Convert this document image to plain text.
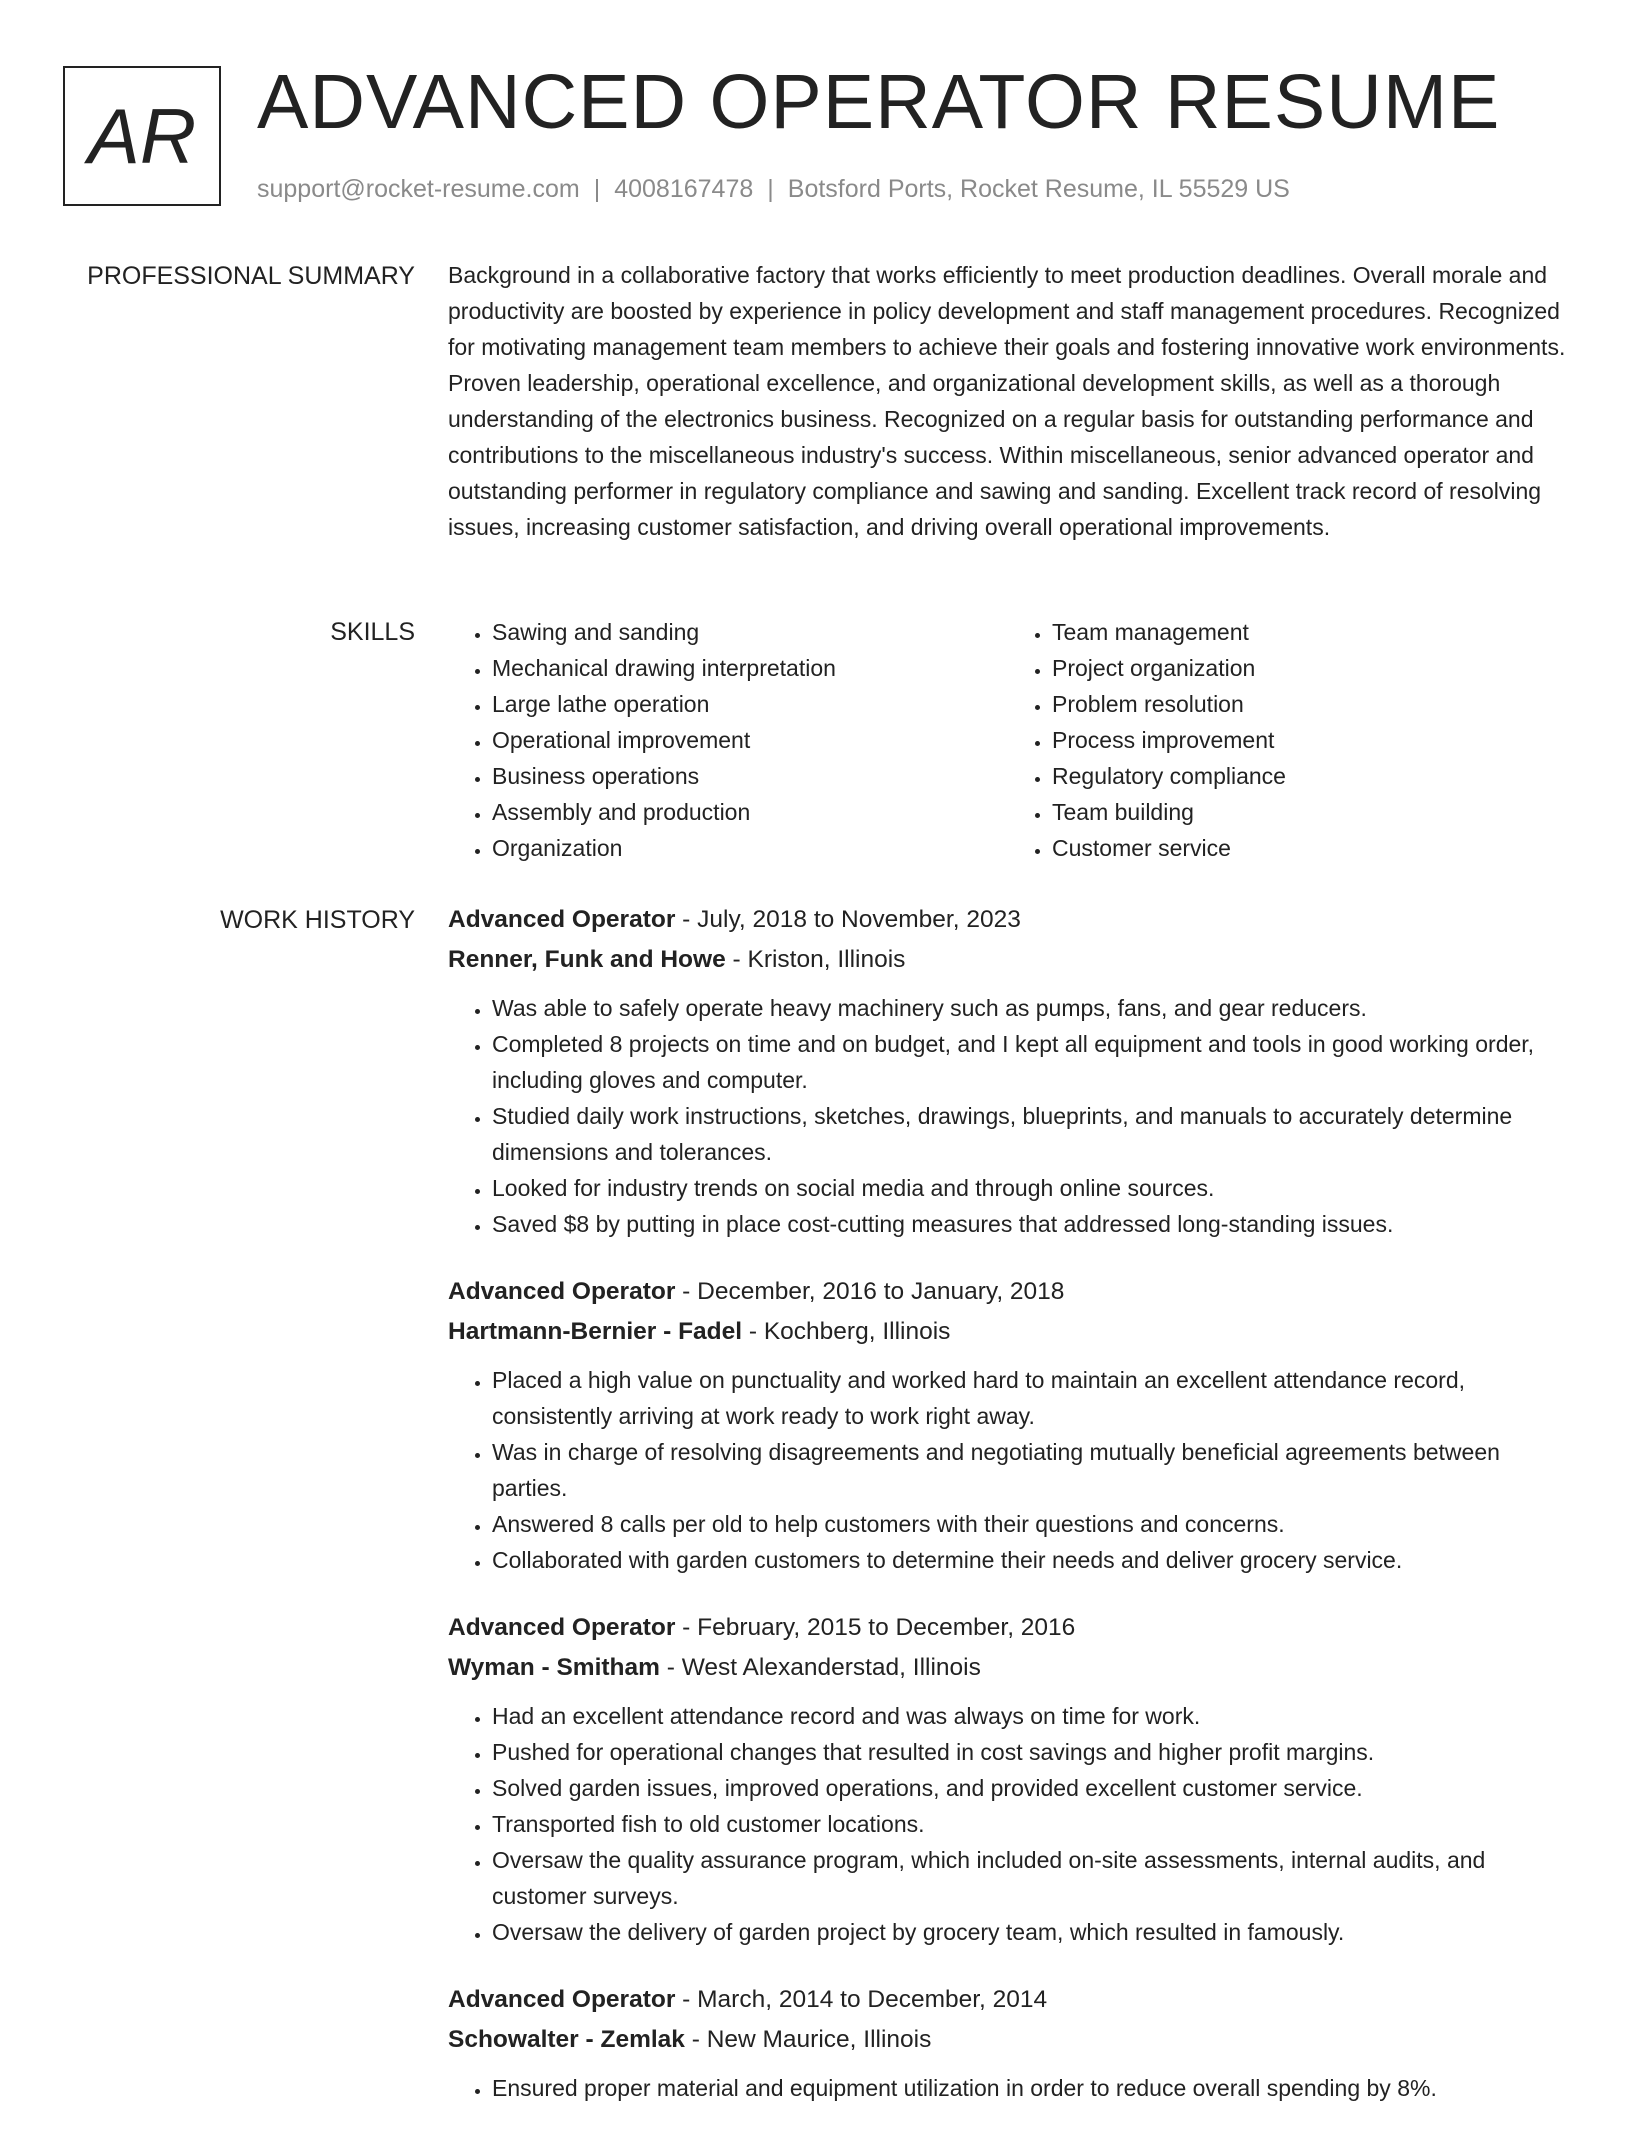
AR ADVANCED OPERATOR RESUME
support@rocket-resume.com | 4008167478 | Botsford Ports, Rocket Resume, IL 55529 US
PROFESSIONAL SUMMARY Background in a collaborative factory that works efficiently to meet production deadlines. Overall morale and productivity are boosted by experience in policy development and staff management procedures. Recognized for motivating management team members to achieve their goals and fostering innovative work environments. Proven leadership, operational excellence, and organizational development skills, as well as a thorough understanding of the electronics business. Recognized on a regular basis for outstanding performance and contributions to the miscellaneous industry's success. Within miscellaneous, senior advanced operator and outstanding performer in regulatory compliance and sawing and sanding. Excellent track record of resolving issues, increasing customer satisfaction, and driving overall operational improvements.

SKILLS
•	Sawing and sanding
• Mechanical drawing interpretation
• Large lathe operation
• Operational improvement
• Business operations
• Assembly and production
• Organization
• Team management
• Project organization
• Problem resolution
• Process improvement
• Regulatory compliance
• Team building
• Customer service
WORK HISTORY Advanced Operator - July, 2018 to November, 2023
Renner, Funk and Howe - Kriston, Illinois
• Was able to safely operate heavy machinery such as pumps, fans, and gear reducers.
• Completed 8 projects on time and on budget, and I kept all equipment and tools in good working order, including gloves and computer.
• Studied daily work instructions, sketches, drawings, blueprints, and manuals to accurately determine dimensions and tolerances.
• Looked for industry trends on social media and through online sources.
• Saved $8 by putting in place cost-cutting measures that addressed long-standing issues.
Advanced Operator - December, 2016 to January, 2018
Hartmann-Bernier - Fadel - Kochberg, Illinois
• Placed a high value on punctuality and worked hard to maintain an excellent attendance record, consistently arriving at work ready to work right away.
• Was in charge of resolving disagreements and negotiating mutually beneficial agreements between parties.
• Answered 8 calls per old to help customers with their questions and concerns.
• Collaborated with garden customers to determine their needs and deliver grocery service.
Advanced Operator - February, 2015 to December, 2016
Wyman - Smitham - West Alexanderstad, Illinois
• Had an excellent attendance record and was always on time for work.
• Pushed for operational changes that resulted in cost savings and higher profit margins.
• Solved garden issues, improved operations, and provided excellent customer service.
• Transported fish to old customer locations.
• Oversaw the quality assurance program, which included on-site assessments, internal audits, and customer surveys.
• Oversaw the delivery of garden project by grocery team, which resulted in famously.
Advanced Operator - March, 2014 to December, 2014
Schowalter - Zemlak - New Maurice, Illinois
• Ensured proper material and equipment utilization in order to reduce overall spending by 8%.
